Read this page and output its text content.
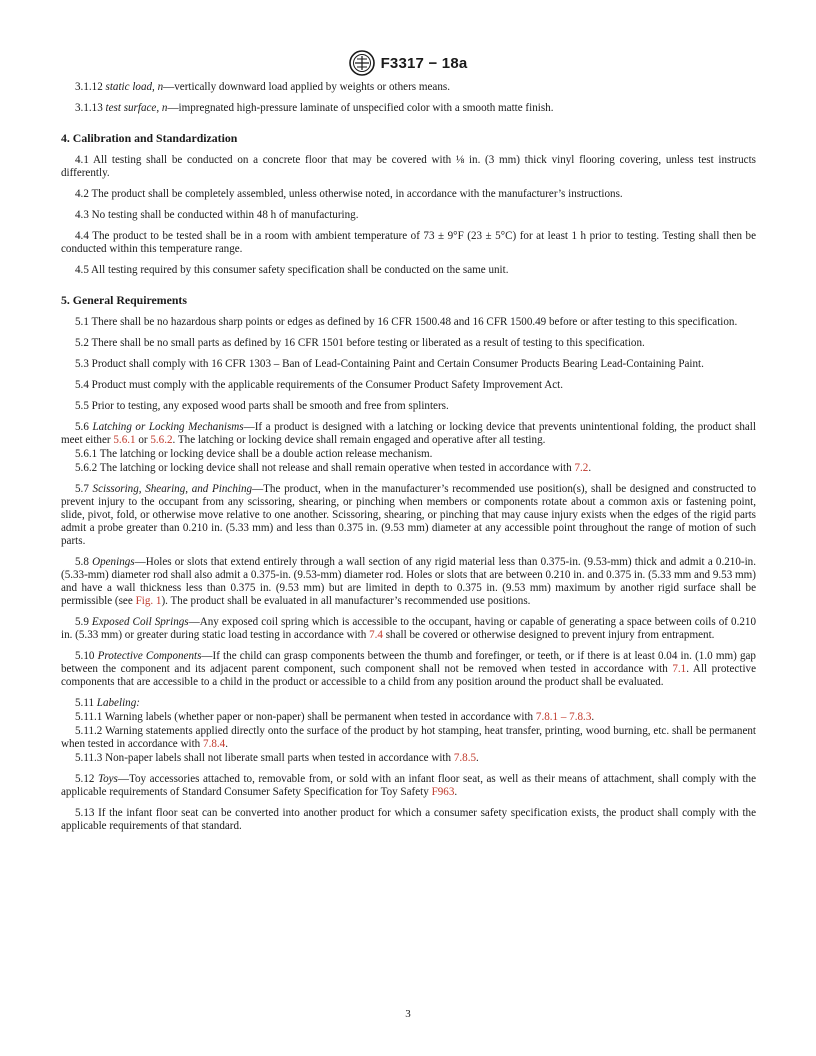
F3317 − 18a

3.1.12 static load, n—vertically downward load applied by weights or others means.

3.1.13 test surface, n—impregnated high-pressure laminate of unspecified color with a smooth matte finish.

4. Calibration and Standardization

4.1 All testing shall be conducted on a concrete floor that may be covered with ⅛ in. (3 mm) thick vinyl flooring covering, unless test instructs differently.

4.2 The product shall be completely assembled, unless otherwise noted, in accordance with the manufacturer’s instructions.

4.3 No testing shall be conducted within 48 h of manufacturing.

4.4 The product to be tested shall be in a room with ambient temperature of 73 ± 9°F (23 ± 5°C) for at least 1 h prior to testing. Testing shall then be conducted within this temperature range.

4.5 All testing required by this consumer safety specification shall be conducted on the same unit.

5. General Requirements

5.1 There shall be no hazardous sharp points or edges as defined by 16 CFR 1500.48 and 16 CFR 1500.49 before or after testing to this specification.

5.2 There shall be no small parts as defined by 16 CFR 1501 before testing or liberated as a result of testing to this specification.

5.3 Product shall comply with 16 CFR 1303 – Ban of Lead-Containing Paint and Certain Consumer Products Bearing Lead-Containing Paint.

5.4 Product must comply with the applicable requirements of the Consumer Product Safety Improvement Act.

5.5 Prior to testing, any exposed wood parts shall be smooth and free from splinters.

5.6 Latching or Locking Mechanisms—If a product is designed with a latching or locking device that prevents unintentional folding, the product shall meet either 5.6.1 or 5.6.2. The latching or locking device shall remain engaged and operative after all testing.

5.6.1 The latching or locking device shall be a double action release mechanism.

5.6.2 The latching or locking device shall not release and shall remain operative when tested in accordance with 7.2.

5.7 Scissoring, Shearing, and Pinching—The product, when in the manufacturer’s recommended use position(s), shall be designed and constructed to prevent injury to the occupant from any scissoring, shearing, or pinching when members or components rotate about a common axis or fastening point, slide, pivot, fold, or otherwise move relative to one another. Scissoring, shearing, or pinching that may cause injury exists when the edges of the rigid parts admit a probe greater than 0.210 in. (5.33 mm) and less than 0.375 in. (9.53 mm) diameter at any accessible point throughout the range of motion of such parts.

5.8 Openings—Holes or slots that extend entirely through a wall section of any rigid material less than 0.375-in. (9.53-mm) thick and admit a 0.210-in. (5.33-mm) diameter rod shall also admit a 0.375-in. (9.53-mm) diameter rod. Holes or slots that are between 0.210 in. and 0.375 in. (5.33 mm and 9.53 mm) and have a wall thickness less than 0.375 in. (9.53 mm) but are limited in depth to 0.375 in. (9.53 mm) maximum by another rigid surface shall be permissible (see Fig. 1). The product shall be evaluated in all manufacturer’s recommended use positions.

5.9 Exposed Coil Springs—Any exposed coil spring which is accessible to the occupant, having or capable of generating a space between coils of 0.210 in. (5.33 mm) or greater during static load testing in accordance with 7.4 shall be covered or otherwise designed to prevent injury from entrapment.

5.10 Protective Components—If the child can grasp components between the thumb and forefinger, or teeth, or if there is at least 0.04 in. (1.0 mm) gap between the component and its adjacent parent component, such component shall not be removed when tested in accordance with 7.1. All protective components that are accessible to a child in the product or accessible to a child from any position around the product shall be evaluated.

5.11 Labeling:

5.11.1 Warning labels (whether paper or non-paper) shall be permanent when tested in accordance with 7.8.1 – 7.8.3.

5.11.2 Warning statements applied directly onto the surface of the product by hot stamping, heat transfer, printing, wood burning, etc. shall be permanent when tested in accordance with 7.8.4.

5.11.3 Non-paper labels shall not liberate small parts when tested in accordance with 7.8.5.

5.12 Toys—Toy accessories attached to, removable from, or sold with an infant floor seat, as well as their means of attachment, shall comply with the applicable requirements of Standard Consumer Safety Specification for Toy Safety F963.

5.13 If the infant floor seat can be converted into another product for which a consumer safety specification exists, the product shall comply with the applicable requirements of that standard.

3
